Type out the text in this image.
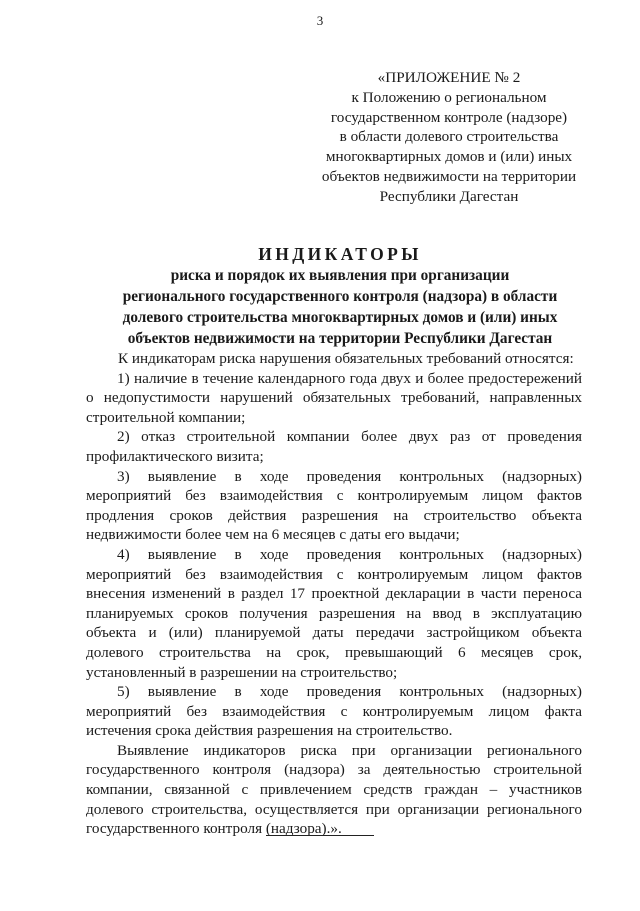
3
«ПРИЛОЖЕНИЕ № 2
к Положению о региональном
государственном контроле (надзоре)
в области долевого строительства
многоквартирных домов и (или) иных
объектов недвижимости на территории
Республики Дагестан
ИНДИКАТОРЫ
риска и порядок их выявления при организации
регионального государственного контроля (надзора) в области
долевого строительства многоквартирных домов и (или) иных
объектов недвижимости на территории Республики Дагестан

К индикаторам риска нарушения обязательных требований относятся:

1) наличие в течение календарного года двух и более предостережений о недопустимости нарушений обязательных требований, направленных строительной компании;

2) отказ строительной компании более двух раз от проведения профилактического визита;

3) выявление в ходе проведения контрольных (надзорных) мероприятий без взаимодействия с контролируемым лицом фактов продления сроков действия разрешения на строительство объекта недвижимости более чем на 6 месяцев с даты его выдачи;

4) выявление в ходе проведения контрольных (надзорных) мероприятий без взаимодействия с контролируемым лицом фактов внесения изменений в раздел 17 проектной декларации в части переноса планируемых сроков получения разрешения на ввод в эксплуатацию объекта и (или) планируемой даты передачи застройщиком объекта долевого строительства на срок, превышающий 6 месяцев срок, установленный в разрешении на строительство;

5) выявление в ходе проведения контрольных (надзорных) мероприятий без взаимодействия с контролируемым лицом факта истечения срока действия разрешения на строительство.

Выявление индикаторов риска при организации регионального государственного контроля (надзора) за деятельностью строительной компании, связанной с привлечением средств граждан – участников долевого строительства, осуществляется при организации регионального государственного контроля (надзора).».
